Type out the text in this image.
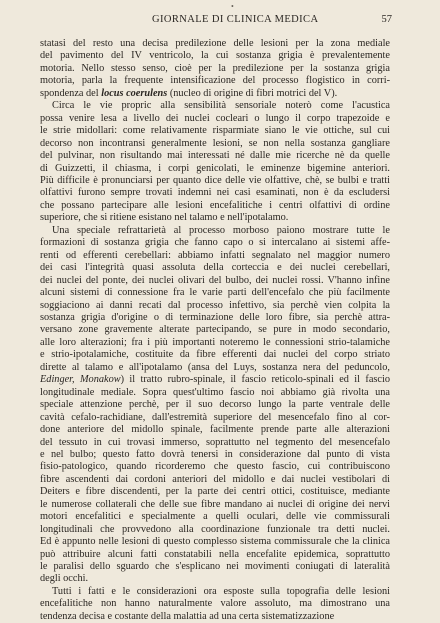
•
GIORNALE DI CLINICA MEDICA	57

statasi del resto una decisa predilezione delle lesioni per la zona mediale
del pavimento del IV ventricolo, la cui sostanza grigia è prevalentemente
motoria. Nello stesso senso, cioè per la predilezione per la sostanza grigia
motoria, parla la frequente intensificazione del processo flogistico in corri-
spondenza del locus coerulens (nucleo di origine di fibri motrici del V).

Circa le vie propric alla sensibilità sensoriale noterò come l'acustica
possa venire lesa a livello dei nuclei cocleari o lungo il corpo trapezoide e
le strie midollari: come relativamente risparmiate siano le vie ottiche, sul cui
decorso non incontransi generalmente lesioni, se non nella sostanza gangliare
del pulvinar, non risultando mai interessati né dalle mie ricerche nè da quelle
di Guizzetti, il chiasma, i corpi genicolati, le eminenze bigemine anteriori.
Più difficile è pronunciarsi per quanto dice delle vie olfattive, chè, se bulbi e tratti
olfattivi furono sempre trovati indemni nei casi esaminati, non è da escludersi
che possano partecipare alle lesioni encefalitiche i centri olfattivi di ordine
superiore, che si ritiene esistano nel talamo e nell'ipotalamo.

Una speciale refrattarietà al processo morboso paiono mostrare tutte le
formazioni di sostanza grigia che fanno capo o si intercalano ai sistemi affe-
renti od efferenti cerebellari: abbiamo infatti segnalato nel maggior numero
dei casi l'integrità quasi assoluta della corteccia e dei nuclei cerebellari,
dei nuclei del ponte, dei nuclei olivari del bulbo, dei nuclei rossi. V'hanno infine
alcuni sistemi di connessione fra le varie parti dell'encefalo che più facilmente
soggiaciono ai danni recati dal processo infettivo, sia perchè vien colpita la
sostanza grigia d'origine o di terminazione delle loro fibre, sia perchè attra-
versano zone gravemente alterate partecipando, se pure in modo secondario,
alle loro alterazioni; fra i più importanti noteremo le connessioni strio-talamiche
e strio-ipotalamiche, costituite da fibre efferenti dai nuclei del corpo striato
dirette al talamo e all'ipotalamo (ansa del Luys, sostanza nera del peduncolo,
Edinger, Monakow) il tratto rubro-spinale, il fascio reticolo-spinali ed il fascio
longitudinale mediale. Sopra quest'ultimo fascio noi abbiamo già rivolta una
speciale attenzione perchè, per il suo decorso lungo la parte ventrale delle
cavità cefalo-rachidiane, dall'estremità superiore del mesencefalo fino al cor-
done anteriore del midollo spinale, facilmente prende parte alle alterazioni
del tessuto in cui trovasi immerso, soprattutto nel tegmento del mesencefalo
e nel bulbo; questo fatto dovrà tenersi in considerazione dal punto di vista
fisio-patologico, quando ricorderemo che questo fascio, cui contribuiscono
fibre ascendenti dai cordoni anteriori del midollo e dai nuclei vestibolari di
Deiters e fibre discendenti, per la parte dei centri ottici, costituisce, mediante
le numerose collaterali che delle sue fibre mandano ai nuclei di origine dei nervi
motori encefalitici e specialmente a quelli oculari, delle vie commissurali
longitudinali che provvedono alla coordinazione funzionale tra detti nuclei.
Ed è appunto nelle lesioni di questo complesso sistema commissurale che la clinica
può attribuire alcuni fatti constatabili nella encefalite epidemica, soprattutto
le paralisi dello sguardo che s'esplicano nei movimenti coniugati di lateralità
degli occhi.

Tutti i fatti e le considerazioni ora esposte sulla topografia delle lesioni
encefalitiche non hanno naturalmente valore assoluto, ma dimostrano una
tendenza decisa e costante della malattia ad una certa sistematizzazione
